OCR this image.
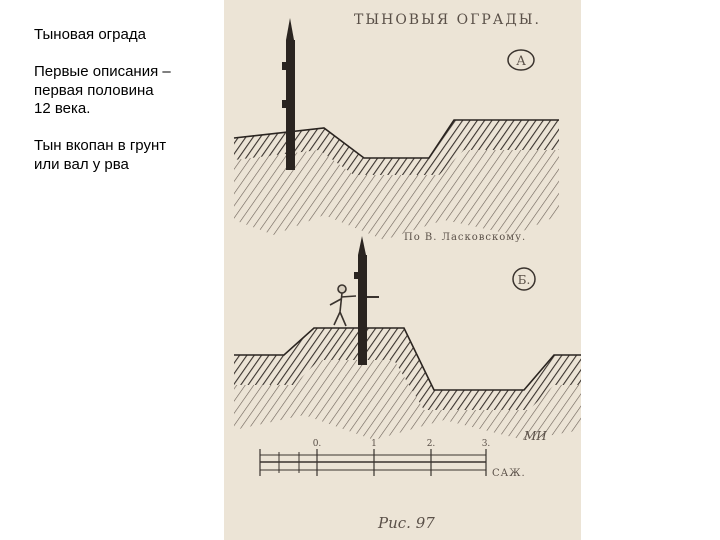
Тыновая ограда

Первые описания –
первая половина
12 века.

Тын вкопан в грунт
или вал у рва

ТЫНОВЫЯ ОГРАДЫ.
А
По В. Ласковскому.
Б.
0.	1	2.	3.
САЖ.
МИ
Рис. 97
